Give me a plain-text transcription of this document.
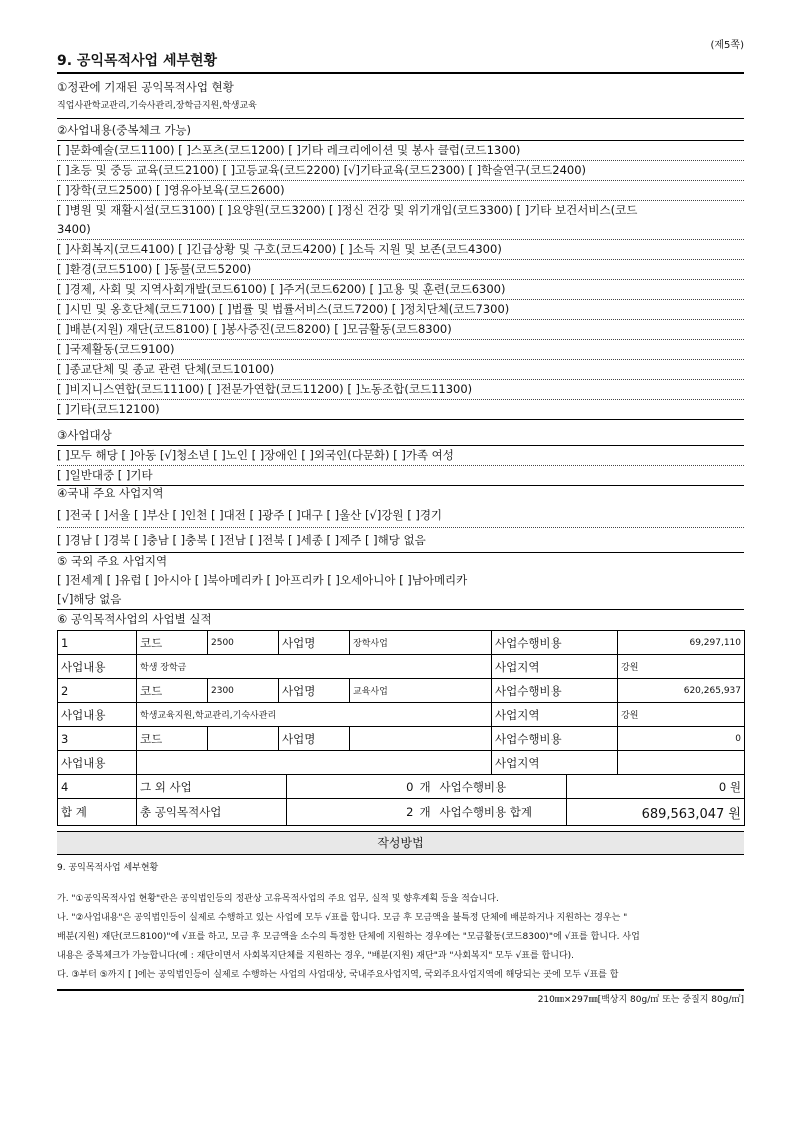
(제5쪽)
9. 공익목적사업 세부현황
①정관에 기재된 공익목적사업 현황
직업사관학교관리,기숙사관리,장학금지원,학생교육
②사업내용(중복체크 가능)
[ ]문화예술(코드1100) [ ]스포츠(코드1200) [ ]기타 레크리에이션 및 봉사 클럽(코드1300)
[ ]초등 및 중등 교육(코드2100) [ ]고등교육(코드2200) [√]기타교육(코드2300) [ ]학술연구(코드2400)
[ ]장학(코드2500) [ ]영유아보육(코드2600)
[ ]병원 및 재활시설(코드3100) [ ]요양원(코드3200) [ ]정신 건강 및 위기개입(코드3300) [ ]기타 보건서비스(코드
3400)
[ ]사회복지(코드4100) [ ]긴급상황 및 구호(코드4200) [ ]소득 지원 및 보존(코드4300)
[ ]환경(코드5100) [ ]동물(코드5200)
[ ]경제, 사회 및 지역사회개발(코드6100) [ ]주거(코드6200) [ ]고용 및 훈련(코드6300)
[ ]시민 및 옹호단체(코드7100) [ ]법률 및 법률서비스(코드7200) [ ]정치단체(코드7300)
[ ]배분(지원) 재단(코드8100) [ ]봉사증진(코드8200) [ ]모금활동(코드8300)
[ ]국제활동(코드9100)
[ ]종교단체 및 종교 관련 단체(코드10100)
[ ]비지니스연합(코드11100) [ ]전문가연합(코드11200) [ ]노동조합(코드11300)
[ ]기타(코드12100)
③사업대상
[ ]모두 해당 [ ]아동 [√]청소년 [ ]노인 [ ]장애인 [ ]외국인(다문화) [ ]가족 여성
[ ]일반대중 [ ]기타
④국내 주요 사업지역
[ ]전국 [ ]서울 [ ]부산 [ ]인천 [ ]대전 [ ]광주 [ ]대구 [ ]울산 [√]강원 [ ]경기
[ ]경남 [ ]경북 [ ]충남 [ ]충북 [ ]전남 [ ]전북 [ ]세종 [ ]제주 [ ]해당 없음
⑤ 국외 주요 사업지역
[ ]전세계 [ ]유럽 [ ]아시아 [ ]북아메리카 [ ]아프리카 [ ]오세아니아 [ ]남아메리카
[√]해당 없음
⑥ 공익목적사업의 사업별 실적
1	코드	2500	사업명	장학사업	사업수행비용	69,297,110
사업내용	학생 장학금				사업지역	강원
2	코드	2300	사업명	교육사업	사업수행비용	620,265,937
사업내용	학생교육지원,학교관리,기숙사관리				사업지역	강원
3	코드		사업명		사업수행비용	0
사업내용					사업지역	
4	그 외 사업	0	개	사업수행비용	0 원
합 계	총 공익목적사업	2	개	사업수행비용 합계	689,563,047 원
작성방법
9. 공익목적사업 세부현황
가. "①공익목적사업 현황"란은 공익법인등의 정관상 고유목적사업의 주요 업무, 실적 및 향후계획 등을 적습니다.
나. "②사업내용"은 공익법인등이 실제로 수행하고 있는 사업에 모두 √표를 합니다. 모금 후 모금액을 불특정 단체에 배분하거나 지원하는 경우는 "
배분(지원) 재단(코드8100)"에 √표를 하고, 모금 후 모금액을 소수의 특정한 단체에 지원하는 경우에는 "모금활동(코드8300)"에 √표를 합니다. 사업
내용은 중복체크가 가능합니다(예 : 재단이면서 사회복지단체를 지원하는 경우, "배분(지원) 재단"과 "사회복지" 모두 √표를 합니다).
다. ③부터 ⑤까지 [ ]에는 공익법인등이 실제로 수행하는 사업의 사업대상, 국내주요사업지역, 국외주요사업지역에 해당되는 곳에 모두 √표를 합
210㎜×297㎜[백상지 80g/㎡ 또는 중질지 80g/㎡]
